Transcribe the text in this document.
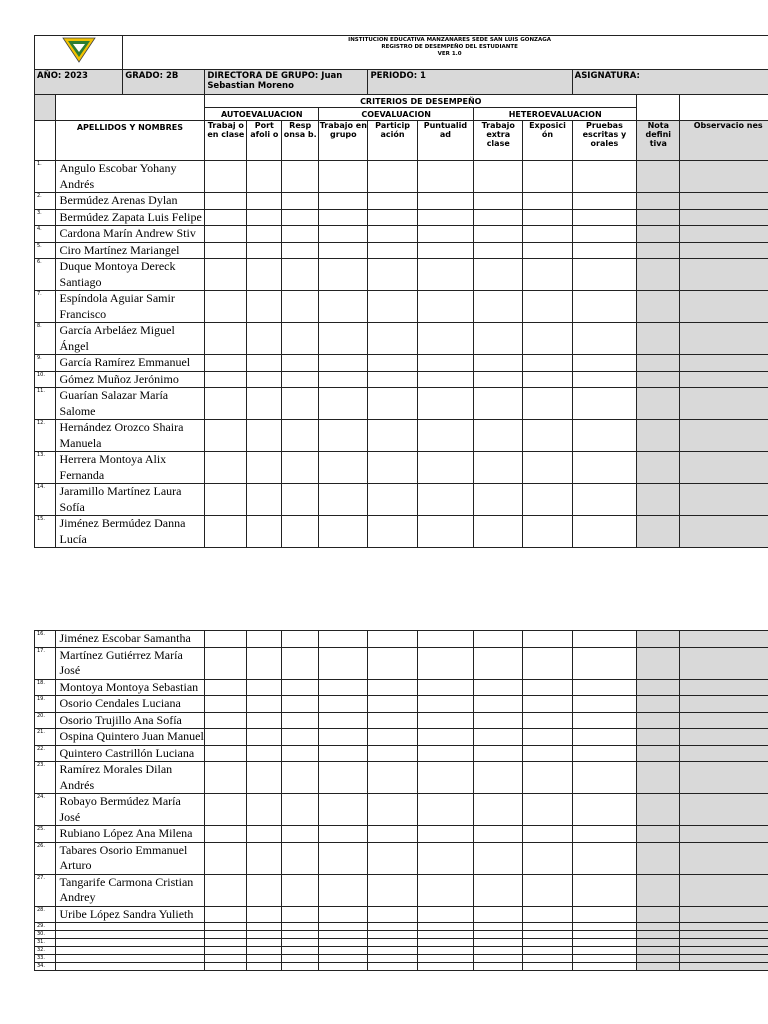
INSTITUCION EDUCATIVA MANZANARES SEDE SAN LUIS GONZAGA
REGISTRO DE DESEMPEÑO DEL ESTUDIANTE
VER 1.0											

AÑO: 2023		GRADO: 2B	DIRECTORA DE GRUPO: Juan Sebastian Moreno				PERIODO: 1				ASIGNATURA:		
			CRITERIOS DE DESEMPEÑO										
			AUTOEVALUACION			COEVALUACION			HETEROEVALUACION				
	APELLIDOS Y NOMBRES		Trabaj o en clase	Port afoli o	Resp onsa b.	Trabajo en grupo	Particip ación	Puntualid ad	Trabajo extra clase	Exposici ón	Pruebas escritas y orales	Nota defini tiva	Observacio nes
1.	Angulo Escobar Yohany Andrés												
2.	Bermúdez Arenas Dylan												
3.	Bermúdez Zapata Luis Felipe												
4.	Cardona Marín Andrew Stiv												
5.	Ciro Martínez Mariangel												
6.	Duque Montoya Dereck Santiago												
7.	Espíndola Aguiar Samir Francisco												
8.	García Arbeláez Miguel Ángel												
9.	García Ramírez Emmanuel												
10.	Gómez Muñoz Jerónimo												
11.	Guarían Salazar María Salome												
12.	Hernández Orozco Shaira Manuela												
13.	Herrera Montoya Alix Fernanda												
14.	Jaramillo Martínez Laura Sofía												
15.	Jiménez Bermúdez Danna Lucía												
16.	Jiménez Escobar Samantha											
17.	Martínez Gutiérrez María José											
18.	Montoya Montoya Sebastian											
19.	Osorio Cendales Luciana											
20.	Osorio Trujillo Ana Sofía											
21.	Ospina Quintero Juan Manuel											
22.	Quintero Castrillón Luciana											
23.	Ramírez Morales Dilan Andrés											
24.	Robayo Bermúdez María José											
25.	Rubiano López Ana Milena											
26.	Tabares Osorio Emmanuel Arturo											
27.	Tangarife Carmona Cristian Andrey											
28.	Uribe López Sandra Yulieth											
29.												
30.												
31.												
32.												
33.												
34.												
